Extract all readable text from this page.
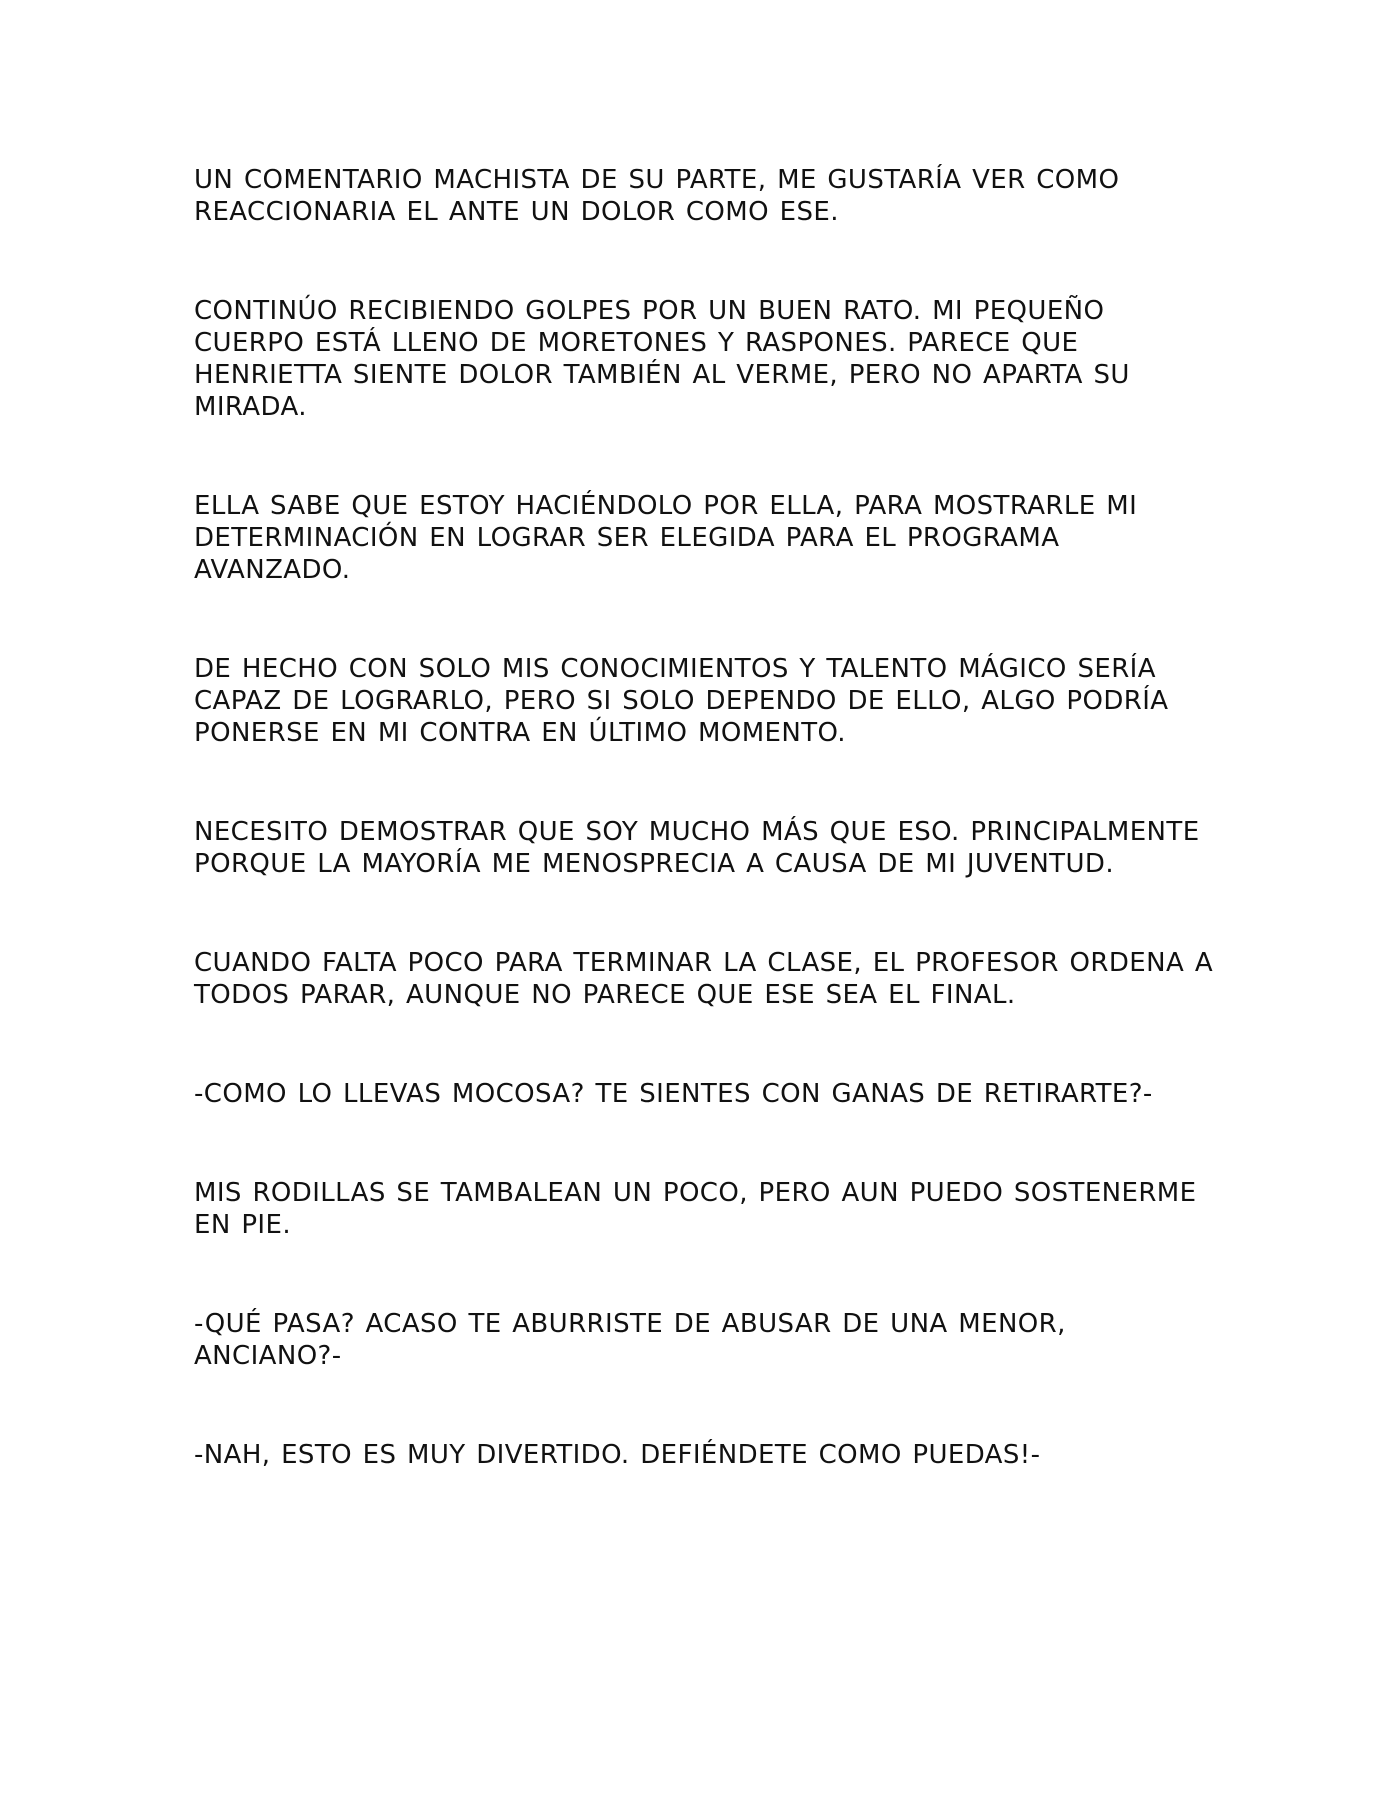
UN COMENTARIO MACHISTA DE SU PARTE, ME GUSTARÍA VER COMO REACCIONARIA EL ANTE UN DOLOR COMO ESE.

CONTINÚO RECIBIENDO GOLPES POR UN BUEN RATO. MI PEQUEÑO CUERPO ESTÁ LLENO DE MORETONES Y RASPONES. PARECE QUE HENRIETTA SIENTE DOLOR TAMBIÉN AL VERME, PERO NO APARTA SU MIRADA.

ELLA SABE QUE ESTOY HACIÉNDOLO POR ELLA, PARA MOSTRARLE MI DETERMINACIÓN EN LOGRAR SER ELEGIDA PARA EL PROGRAMA AVANZADO.

DE HECHO CON SOLO MIS CONOCIMIENTOS Y TALENTO MÁGICO SERÍA CAPAZ DE LOGRARLO, PERO SI SOLO DEPENDO DE ELLO, ALGO PODRÍA PONERSE EN MI CONTRA EN ÚLTIMO MOMENTO.

NECESITO DEMOSTRAR QUE SOY MUCHO MÁS QUE ESO. PRINCIPALMENTE PORQUE LA MAYORÍA ME MENOSPRECIA A CAUSA DE MI JUVENTUD.

CUANDO FALTA POCO PARA TERMINAR LA CLASE, EL PROFESOR ORDENA A TODOS PARAR, AUNQUE NO PARECE QUE ESE SEA EL FINAL.

-COMO LO LLEVAS MOCOSA? TE SIENTES CON GANAS DE RETIRARTE?-

MIS RODILLAS SE TAMBALEAN UN POCO, PERO AUN PUEDO SOSTENERME EN PIE.

-QUÉ PASA? ACASO TE ABURRISTE DE ABUSAR DE UNA MENOR, ANCIANO?-

-NAH, ESTO ES MUY DIVERTIDO. DEFIÉNDETE COMO PUEDAS!-
